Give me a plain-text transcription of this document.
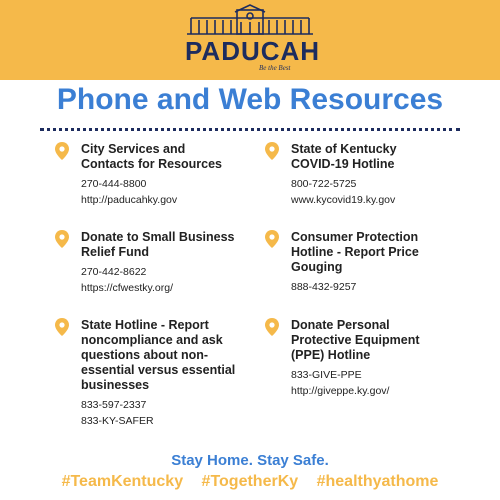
PADUCAH
Be the Best
Phone and Web Resources
City Services and
Contacts for Resources
270-444-8800
http://paducahky.gov
State of Kentucky
COVID-19 Hotline
800-722-5725
www.kycovid19.ky.gov
Donate to Small Business
Relief Fund
270-442-8622
https://cfwestky.org/
Consumer Protection
Hotline - Report Price
Gouging
888-432-9257
State Hotline - Report
noncompliance and ask
questions about non-
essential versus essential
businesses
833-597-2337
833-KY-SAFER
Donate Personal
Protective Equipment
(PPE) Hotline
833-GIVE-PPE
http://giveppe.ky.gov/
Stay Home. Stay Safe.
#TeamKentucky #TogetherKy #healthyathome
